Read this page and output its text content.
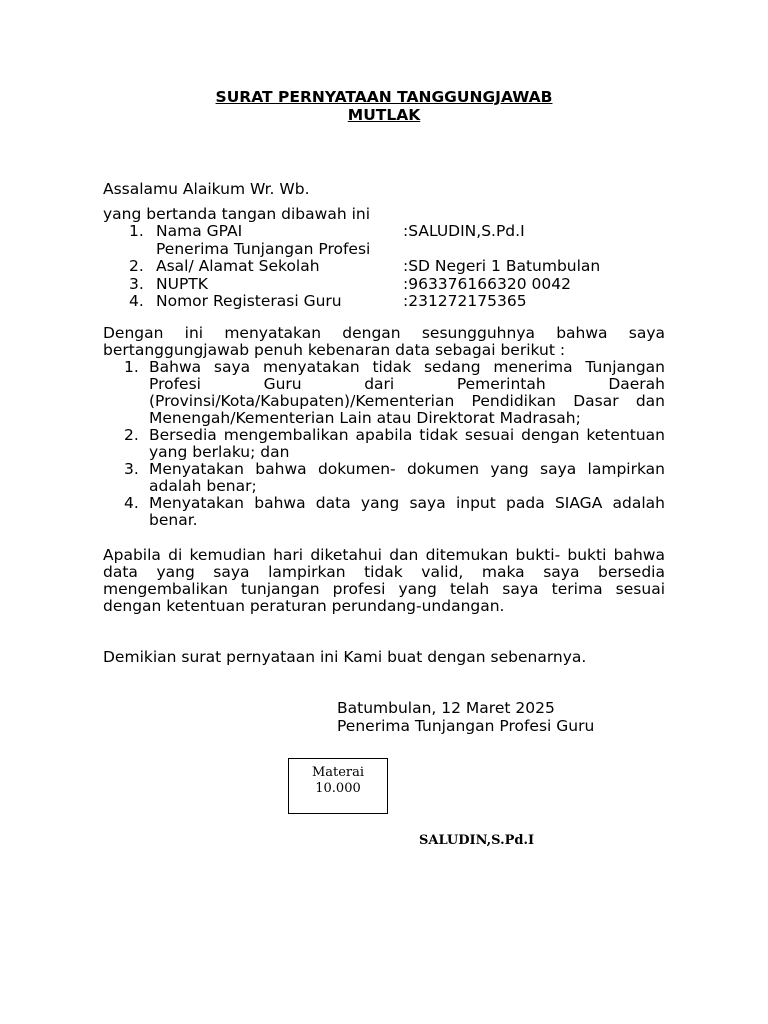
SURAT PERNYATAAN TANGGUNGJAWAB
MUTLAK
Assalamu Alaikum Wr. Wb.
yang bertanda tangan dibawah ini
1. Nama GPAI	:SALUDIN,S.Pd.I
Penerima Tunjangan Profesi
2. Asal/ Alamat Sekolah	:SD Negeri 1 Batumbulan
3. NUPTK	:963376166320 0042
4. Nomor Registerasi Guru	:231272175365

Dengan ini menyatakan dengan sesungguhnya bahwa saya bertanggungjawab penuh kebenaran data sebagai berikut :

1. Bahwa saya menyatakan tidak sedang menerima Tunjangan Profesi Guru dari Pemerintah Daerah (Provinsi/Kota/Kabupaten)/Kementerian Pendidikan Dasar dan Menengah/Kementerian Lain atau Direktorat Madrasah;
2. Bersedia mengembalikan apabila tidak sesuai dengan ketentuan yang berlaku; dan
3. Menyatakan bahwa dokumen- dokumen yang saya lampirkan adalah benar;
4. Menyatakan bahwa data yang saya input pada SIAGA adalah benar.

Apabila di kemudian hari diketahui dan ditemukan bukti- bukti bahwa data yang saya lampirkan tidak valid, maka saya bersedia mengembalikan tunjangan profesi yang telah saya terima sesuai dengan ketentuan peraturan perundang-undangan.

Demikian surat pernyataan ini Kami buat dengan sebenarnya.

Batumbulan, 12 Maret 2025
Penerima Tunjangan Profesi Guru
Materai
10.000
SALUDIN,S.Pd.I
